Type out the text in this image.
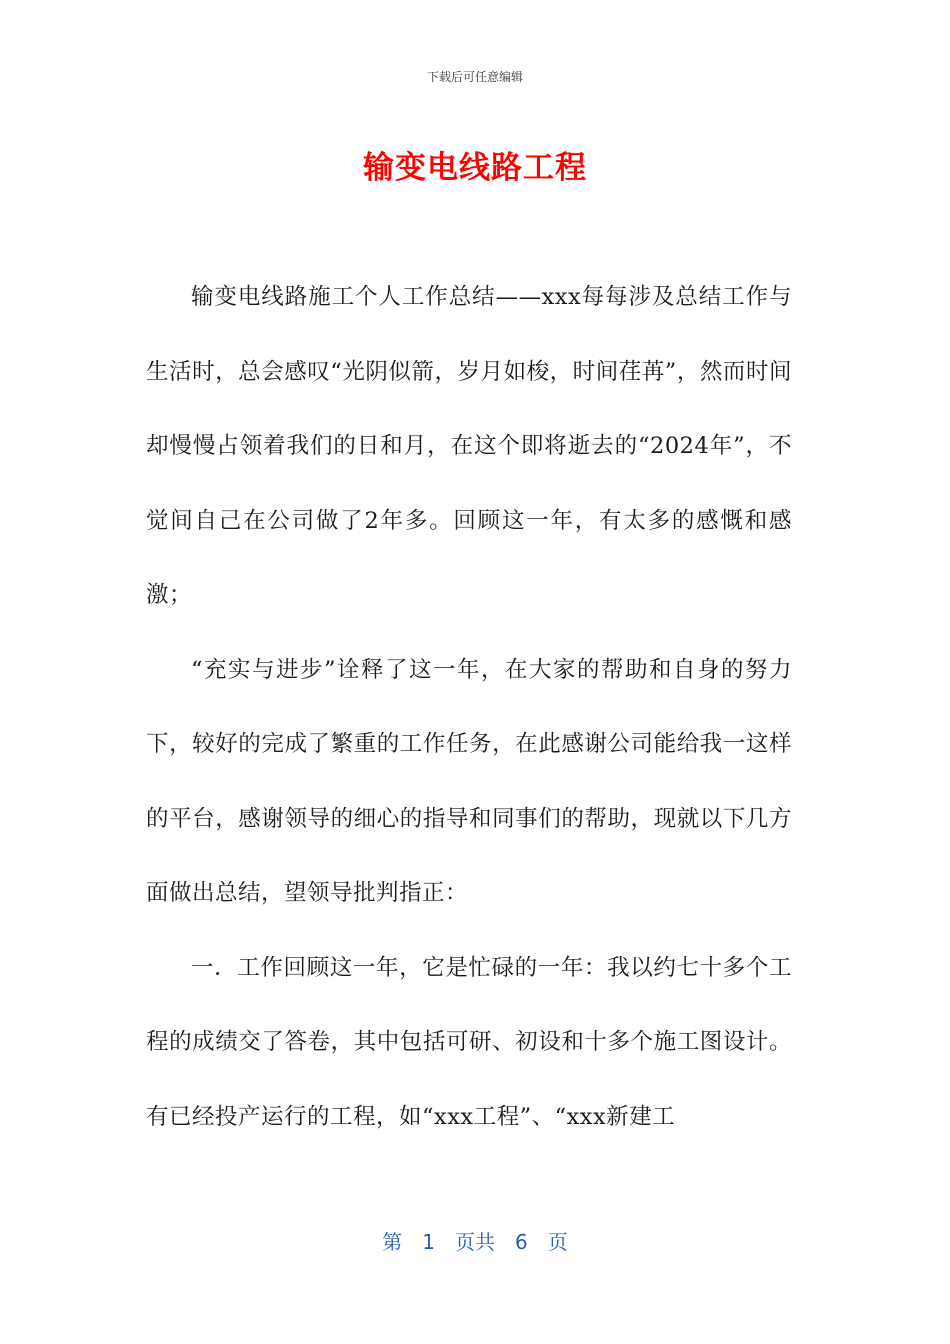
下载后可任意编辑
输变电线路工程

输变电线路施工个人工作总结——xxx每每涉及总结工作与生活时，总会感叹“光阴似箭，岁月如梭，时间荏苒”，然而时间却慢慢占领着我们的日和月，在这个即将逝去的“2024年”，不觉间自己在公司做了2年多。回顾这一年，有太多的感慨和感激；

“充实与进步”诠释了这一年，在大家的帮助和自身的努力下，较好的完成了繁重的工作任务，在此感谢公司能给我一这样的平台，感谢领导的细心的指导和同事们的帮助，现就以下几方面做出总结，望领导批判指正：

一．工作回顾这一年，它是忙碌的一年：我以约七十多个工程的成绩交了答卷，其中包括可研、初设和十多个施工图设计。有已经投产运行的工程，如“xxx工程”、“xxx新建工

第　1　页共　6　页
